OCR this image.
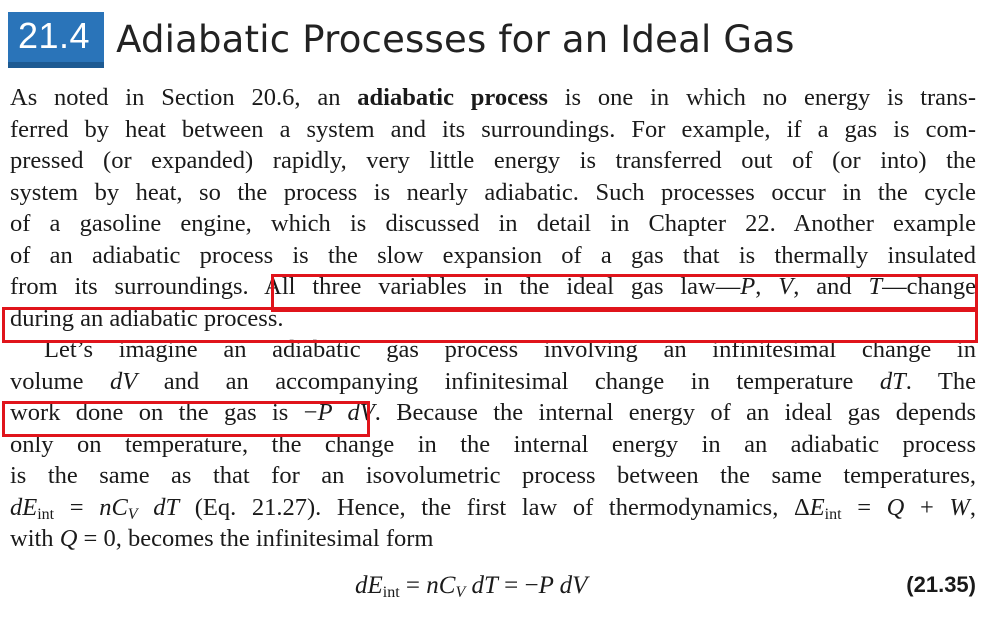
21.4 Adiabatic Processes for an Ideal Gas
As noted in Section 20.6, an adiabatic process is one in which no energy is trans-
ferred by heat between a system and its surroundings. For example, if a gas is com-
pressed (or expanded) rapidly, very little energy is transferred out of (or into) the
system by heat, so the process is nearly adiabatic. Such processes occur in the cycle
of a gasoline engine, which is discussed in detail in Chapter 22. Another example
of an adiabatic process is the slow expansion of a gas that is thermally insulated
from its surroundings. All three variables in the ideal gas law—P, V, and T—change
during an adiabatic process.
Let’s imagine an adiabatic gas process involving an infinitesimal change in
volume dV and an accompanying infinitesimal change in temperature dT. The
work done on the gas is −P dV. Because the internal energy of an ideal gas depends
only on temperature, the change in the internal energy in an adiabatic process
is the same as that for an isovolumetric process between the same temperatures,
$dE_{int} = nC_V$ dT (Eq. 21.27). Hence, the first law of thermodynamics, $\Delta E_{int} = Q + W$,
with Q = 0, becomes the infinitesimal form
$dE_{int} = nC_V$ dT = −P dV	(21.35)
